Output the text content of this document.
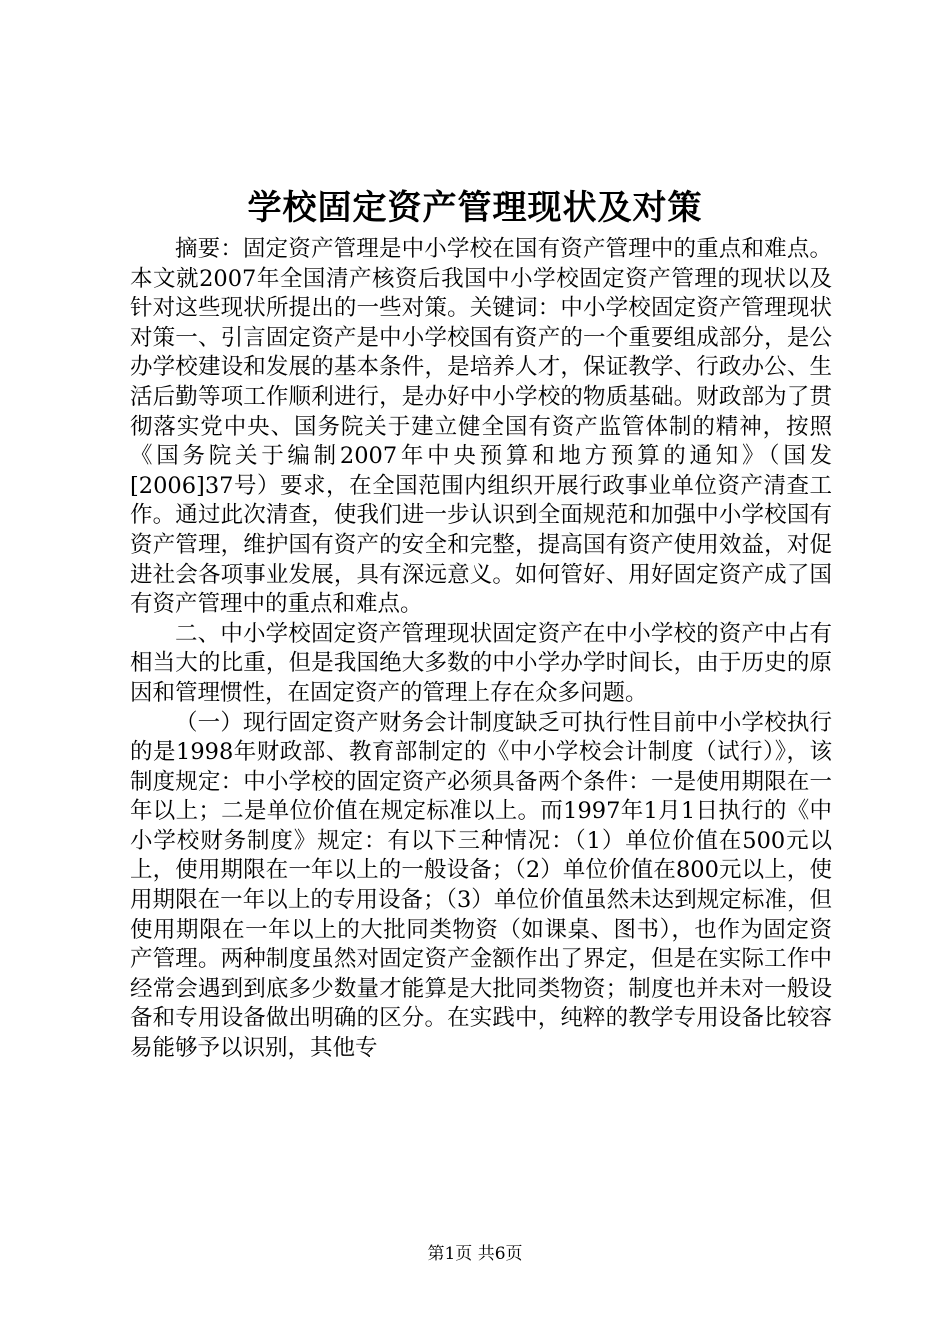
学校固定资产管理现状及对策

摘要：固定资产管理是中小学校在国有资产管理中的重点和难点。本文就2007年全国清产核资后我国中小学校固定资产管理的现状以及针对这些现状所提出的一些对策。关键词：中小学校固定资产管理现状对策一、引言固定资产是中小学校国有资产的一个重要组成部分，是公办学校建设和发展的基本条件，是培养人才，保证教学、行政办公、生活后勤等项工作顺利进行，是办好中小学校的物质基础。财政部为了贯彻落实党中央、国务院关于建立健全国有资产监管体制的精神，按照《国务院关于编制2007年中央预算和地方预算的通知》（国发[2006]37号）要求，在全国范围内组织开展行政事业单位资产清查工作。通过此次清查，使我们进一步认识到全面规范和加强中小学校国有资产管理，维护国有资产的安全和完整，提高国有资产使用效益，对促进社会各项事业发展，具有深远意义。如何管好、用好固定资产成了国有资产管理中的重点和难点。

二、中小学校固定资产管理现状固定资产在中小学校的资产中占有相当大的比重，但是我国绝大多数的中小学办学时间长，由于历史的原因和管理惯性，在固定资产的管理上存在众多问题。

（一）现行固定资产财务会计制度缺乏可执行性目前中小学校执行的是1998年财政部、教育部制定的《中小学校会计制度（试行）》，该制度规定：中小学校的固定资产必须具备两个条件：一是使用期限在一年以上；二是单位价值在规定标准以上。而1997年1月1日执行的《中小学校财务制度》规定：有以下三种情况：（1）单位价值在500元以上，使用期限在一年以上的一般设备；（2）单位价值在800元以上，使用期限在一年以上的专用设备；（3）单位价值虽然未达到规定标准，但使用期限在一年以上的大批同类物资（如课桌、图书），也作为固定资产管理。两种制度虽然对固定资产金额作出了界定，但是在实际工作中经常会遇到到底多少数量才能算是大批同类物资；制度也并未对一般设备和专用设备做出明确的区分。在实践中，纯粹的教学专用设备比较容易能够予以识别，其他专

第1页 共6页
